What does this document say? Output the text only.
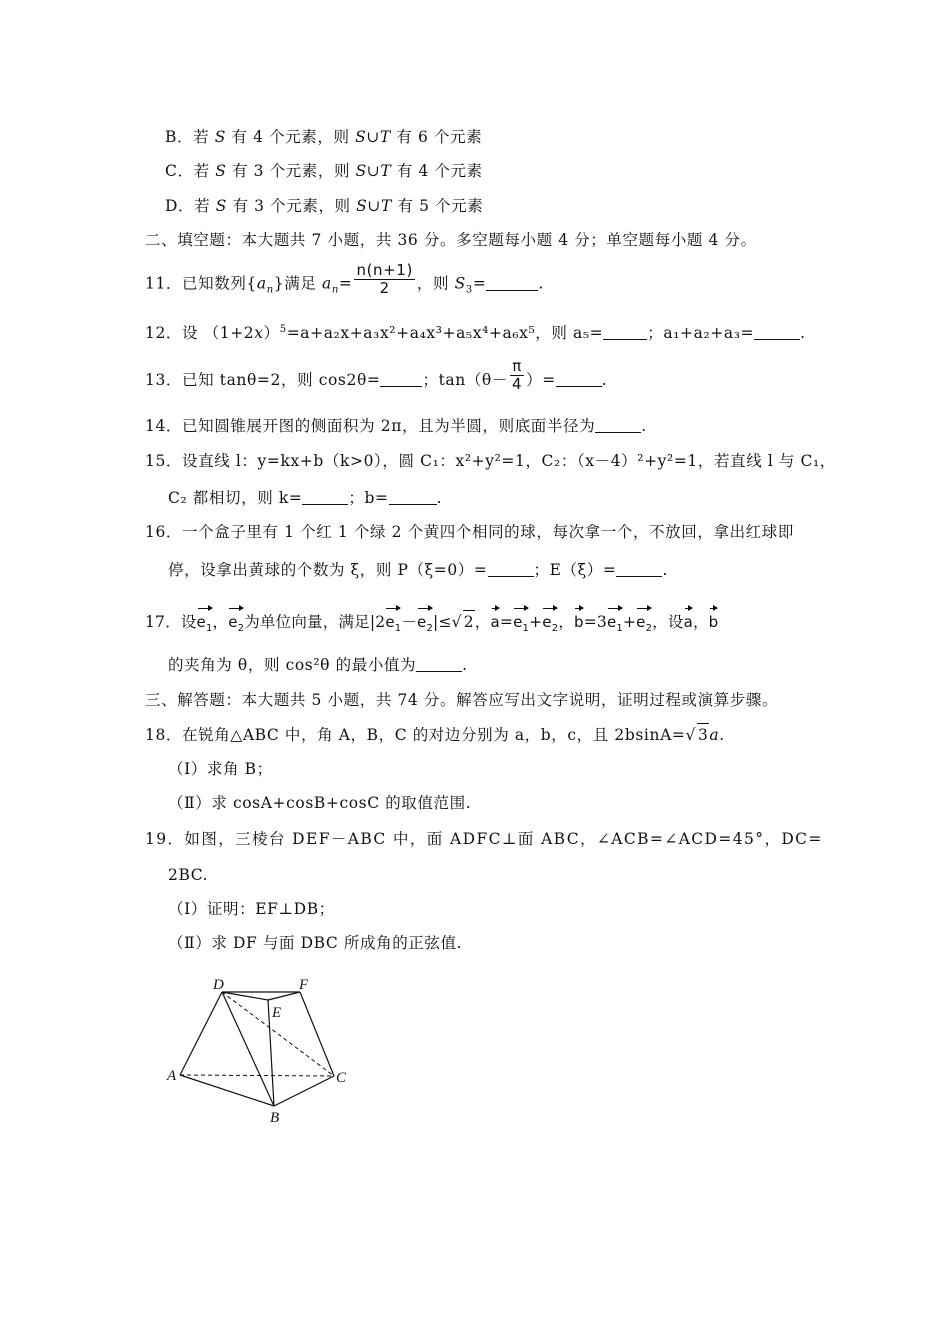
B．若 S 有 4 个元素，则 S∪T 有 6 个元素
C．若 S 有 3 个元素，则 S∪T 有 4 个元素
D．若 S 有 3 个元素，则 S∪T 有 5 个元素
二、填空题：本大题共 7 小题，共 36 分。多空题每小题 4 分；单空题每小题 4 分。
11．已知数列$\{a_n\}$满足 $a_n= \frac{n(n+1)}{2}$ ，则 $S_3=$	.
12．设 $(1+2x)^5=a+a_2x+a_3x^2+a_4x^3+a_5x^4+a_6x^5$，则 a₅=	；a₁+a₂+a₃=	.
13．已知 tanθ=2，则 cos2θ=	；$\tan(\theta- \frac{\pi}{4}$ ）=	.
14．已知圆锥展开图的侧面积为 2π，且为半圆，则底面半径为	.
15．设直线 l：y=kx+b（k>0），圆 C₁：x²+y²=1，C₂：（x－4）²+y²=1，若直线 l 与 C₁，
C₂ 都相切，则 k=	；b=	.
16．一个盒子里有 1 个红 1 个绿 2 个黄四个相同的球，每次拿一个，不放回，拿出红球即
停，设拿出黄球的个数为 ξ，则 P（ξ=0）=	；E（ξ）=	.
17．设$e_1$，$e_2$为单位向量，满足$|2e_1-e_2|\le√$ 2，$a=e_1+e_2$，$b=3e_1+e_2$，设a，b
的夹角为 θ，则 cos²θ 的最小值为	.
三、解答题：本大题共 5 小题，共 74 分。解答应写出文字说明，证明过程或演算步骤。
18．在锐角△ABC 中，角 A，B，C 的对边分别为 a，b，c，且 2bsinA=√ 3a.
（Ⅰ）求角 B；
（Ⅱ）求 cosA+cosB+cosC 的取值范围.
19．如图，三棱台 DEF－ABC 中，面 ADFC⊥面 ABC，∠ACB=∠ACD=45°，DC=
2BC.
（Ⅰ）证明：EF⊥DB；
（Ⅱ）求 DF 与面 DBC 所成角的正弦值.
D	F
E
A	C
B
